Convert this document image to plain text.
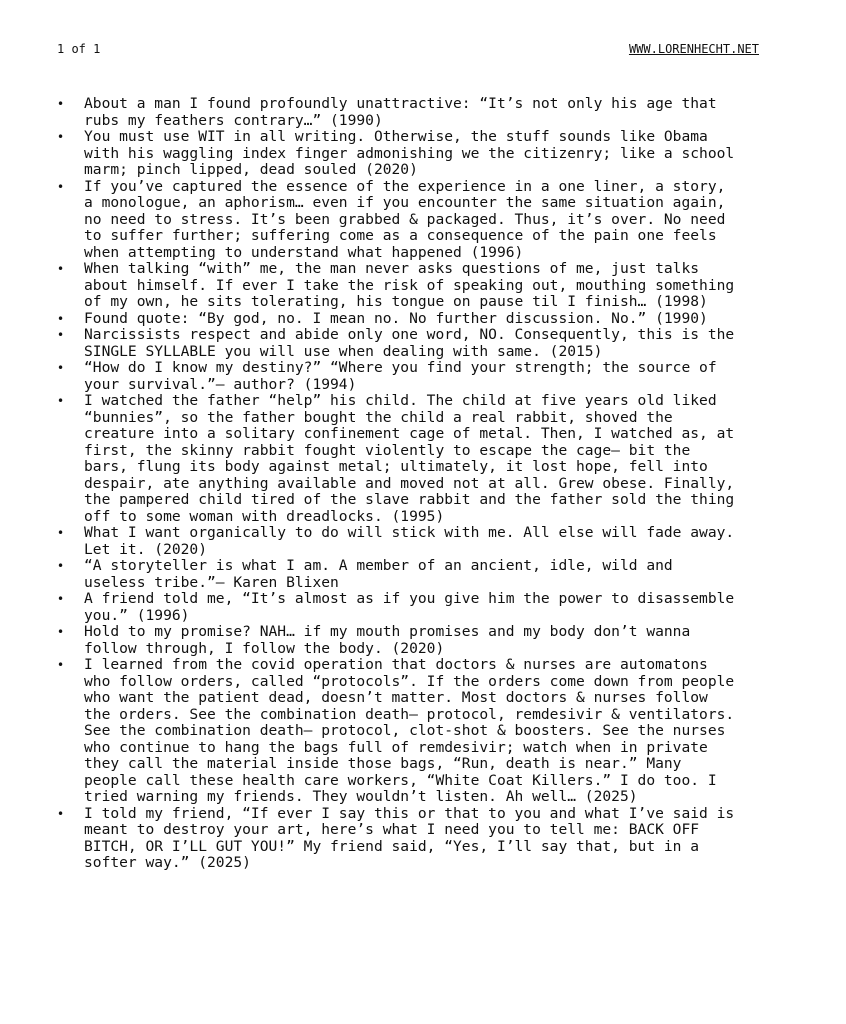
1 of 1	WWW.LORENHECHT.NET
• About a man I found profoundly unattractive: “It’s not only his age that
rubs my feathers contrary…” (1990)
• You must use WIT in all writing. Otherwise, the stuff sounds like Obama
with his waggling index finger admonishing we the citizenry; like a school
marm; pinch lipped, dead souled (2020)
• If you’ve captured the essence of the experience in a one liner, a story,
a monologue, an aphorism… even if you encounter the same situation again,
no need to stress. It’s been grabbed & packaged. Thus, it’s over. No need
to suffer further; suffering come as a consequence of the pain one feels
when attempting to understand what happened (1996)
• When talking “with” me, the man never asks questions of me, just talks
about himself. If ever I take the risk of speaking out, mouthing something
of my own, he sits tolerating, his tongue on pause til I finish… (1998)
• Found quote: “By god, no. I mean no. No further discussion. No.” (1990)
• Narcissists respect and abide only one word, NO. Consequently, this is the
SINGLE SYLLABLE you will use when dealing with same. (2015)
• “How do I know my destiny?” “Where you find your strength; the source of
your survival.”— author? (1994)
• I watched the father “help” his child. The child at five years old liked
“bunnies”, so the father bought the child a real rabbit, shoved the
creature into a solitary confinement cage of metal. Then, I watched as, at
first, the skinny rabbit fought violently to escape the cage— bit the
bars, flung its body against metal; ultimately, it lost hope, fell into
despair, ate anything available and moved not at all. Grew obese. Finally,
the pampered child tired of the slave rabbit and the father sold the thing
off to some woman with dreadlocks. (1995)
• What I want organically to do will stick with me. All else will fade away.
Let it. (2020)
• “A storyteller is what I am. A member of an ancient, idle, wild and
useless tribe.”— Karen Blixen
• A friend told me, “It’s almost as if you give him the power to disassemble
you.” (1996)
• Hold to my promise? NAH… if my mouth promises and my body don’t wanna
follow through, I follow the body. (2020)
• I learned from the covid operation that doctors & nurses are automatons
who follow orders, called “protocols”. If the orders come down from people
who want the patient dead, doesn’t matter. Most doctors & nurses follow
the orders. See the combination death— protocol, remdesivir & ventilators.
See the combination death— protocol, clot-shot & boosters. See the nurses
who continue to hang the bags full of remdesivir; watch when in private
they call the material inside those bags, “Run, death is near.” Many
people call these health care workers, “White Coat Killers.” I do too. I
tried warning my friends. They wouldn’t listen. Ah well… (2025)
• I told my friend, “If ever I say this or that to you and what I’ve said is
meant to destroy your art, here’s what I need you to tell me: BACK OFF
BITCH, OR I’LL GUT YOU!” My friend said, “Yes, I’ll say that, but in a
softer way.” (2025)
